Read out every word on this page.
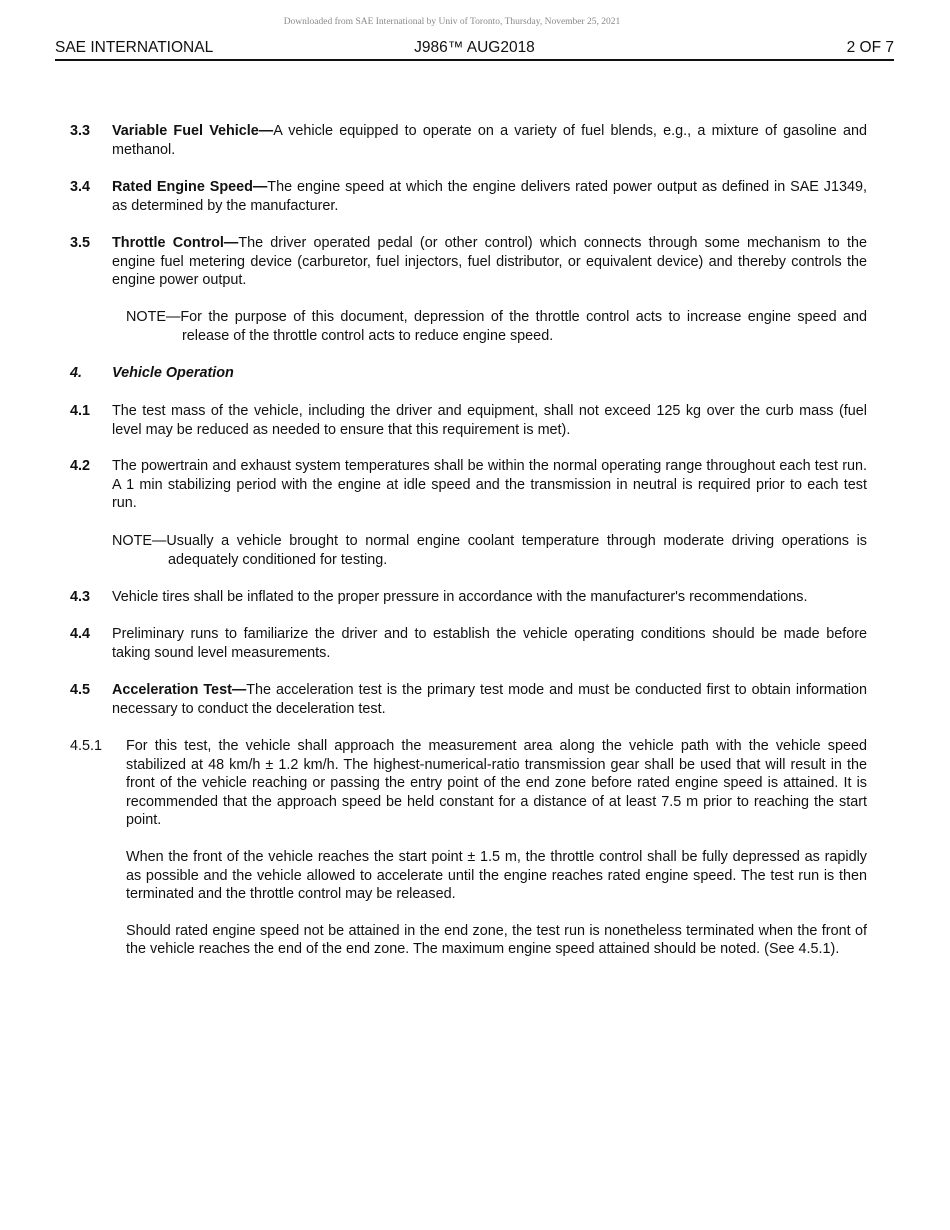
Downloaded from SAE International by Univ of Toronto, Thursday, November 25, 2021
SAE INTERNATIONAL	J986™ AUG2018	2 OF 7
3.3 Variable Fuel Vehicle—A vehicle equipped to operate on a variety of fuel blends, e.g., a mixture of gasoline and methanol.
3.4 Rated Engine Speed—The engine speed at which the engine delivers rated power output as defined in SAE J1349, as determined by the manufacturer.
3.5 Throttle Control—The driver operated pedal (or other control) which connects through some mechanism to the engine fuel metering device (carburetor, fuel injectors, fuel distributor, or equivalent device) and thereby controls the engine power output.
NOTE—For the purpose of this document, depression of the throttle control acts to increase engine speed and release of the throttle control acts to reduce engine speed.
4. Vehicle Operation
4.1 The test mass of the vehicle, including the driver and equipment, shall not exceed 125 kg over the curb mass (fuel level may be reduced as needed to ensure that this requirement is met).
4.2 The powertrain and exhaust system temperatures shall be within the normal operating range throughout each test run. A 1 min stabilizing period with the engine at idle speed and the transmission in neutral is required prior to each test run.
NOTE—Usually a vehicle brought to normal engine coolant temperature through moderate driving operations is adequately conditioned for testing.
4.3 Vehicle tires shall be inflated to the proper pressure in accordance with the manufacturer's recommendations.
4.4 Preliminary runs to familiarize the driver and to establish the vehicle operating conditions should be made before taking sound level measurements.
4.5 Acceleration Test—The acceleration test is the primary test mode and must be conducted first to obtain information necessary to conduct the deceleration test.
4.5.1 For this test, the vehicle shall approach the measurement area along the vehicle path with the vehicle speed stabilized at 48 km/h ± 1.2 km/h. The highest-numerical-ratio transmission gear shall be used that will result in the front of the vehicle reaching or passing the entry point of the end zone before rated engine speed is attained. It is recommended that the approach speed be held constant for a distance of at least 7.5 m prior to reaching the start point.

When the front of the vehicle reaches the start point ± 1.5 m, the throttle control shall be fully depressed as rapidly as possible and the vehicle allowed to accelerate until the engine reaches rated engine speed. The test run is then terminated and the throttle control may be released.

Should rated engine speed not be attained in the end zone, the test run is nonetheless terminated when the front of the vehicle reaches the end of the end zone. The maximum engine speed attained should be noted. (See 4.5.1).
